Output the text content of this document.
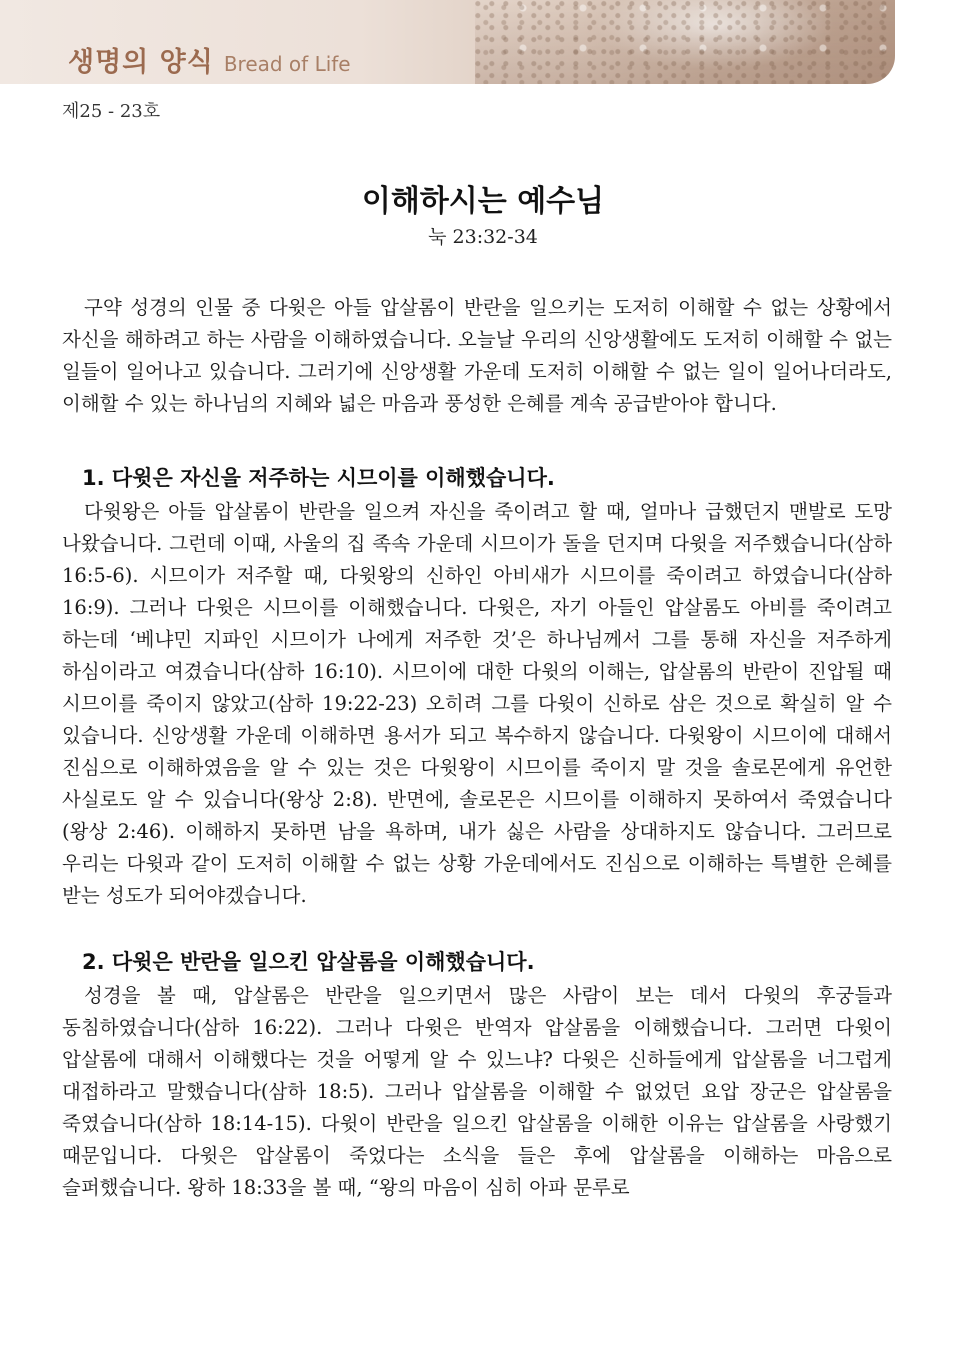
생명의 양식 Bread of Life
제25 - 23호
이해하시는 예수님
눅 23:32-34

구약 성경의 인물 중 다윗은 아들 압살롬이 반란을 일으키는 도저히 이해할 수 없는 상황에서 자신을 해하려고 하는 사람을 이해하였습니다. 오늘날 우리의 신앙생활에도 도저히 이해할 수 없는 일들이 일어나고 있습니다. 그러기에 신앙생활 가운데 도저히 이해할 수 없는 일이 일어나더라도, 이해할 수 있는 하나님의 지혜와 넓은 마음과 풍성한 은혜를 계속 공급받아야 합니다.

1. 다윗은 자신을 저주하는 시므이를 이해했습니다.

다윗왕은 아들 압살롬이 반란을 일으켜 자신을 죽이려고 할 때, 얼마나 급했던지 맨발로 도망 나왔습니다. 그런데 이때, 사울의 집 족속 가운데 시므이가 돌을 던지며 다윗을 저주했습니다(삼하 16:5-6). 시므이가 저주할 때, 다윗왕의 신하인 아비새가 시므이를 죽이려고 하였습니다(삼하 16:9). 그러나 다윗은 시므이를 이해했습니다. 다윗은, 자기 아들인 압살롬도 아비를 죽이려고 하는데 ‘베냐민 지파인 시므이가 나에게 저주한 것’은 하나님께서 그를 통해 자신을 저주하게 하심이라고 여겼습니다(삼하 16:10). 시므이에 대한 다윗의 이해는, 압살롬의 반란이 진압될 때 시므이를 죽이지 않았고(삼하 19:22-23) 오히려 그를 다윗이 신하로 삼은 것으로 확실히 알 수 있습니다. 신앙생활 가운데 이해하면 용서가 되고 복수하지 않습니다. 다윗왕이 시므이에 대해서 진심으로 이해하였음을 알 수 있는 것은 다윗왕이 시므이를 죽이지 말 것을 솔로몬에게 유언한 사실로도 알 수 있습니다(왕상 2:8). 반면에, 솔로몬은 시므이를 이해하지 못하여서 죽였습니다(왕상 2:46). 이해하지 못하면 남을 욕하며, 내가 싫은 사람을 상대하지도 않습니다. 그러므로 우리는 다윗과 같이 도저히 이해할 수 없는 상황 가운데에서도 진심으로 이해하는 특별한 은혜를 받는 성도가 되어야겠습니다.

2. 다윗은 반란을 일으킨 압살롬을 이해했습니다.

성경을 볼 때, 압살롬은 반란을 일으키면서 많은 사람이 보는 데서 다윗의 후궁들과 동침하였습니다(삼하 16:22). 그러나 다윗은 반역자 압살롬을 이해했습니다. 그러면 다윗이 압살롬에 대해서 이해했다는 것을 어떻게 알 수 있느냐? 다윗은 신하들에게 압살롬을 너그럽게 대접하라고 말했습니다(삼하 18:5). 그러나 압살롬을 이해할 수 없었던 요압 장군은 압살롬을 죽였습니다(삼하 18:14-15). 다윗이 반란을 일으킨 압살롬을 이해한 이유는 압살롬을 사랑했기 때문입니다. 다윗은 압살롬이 죽었다는 소식을 들은 후에 압살롬을 이해하는 마음으로 슬퍼했습니다. 왕하 18:33을 볼 때, “왕의 마음이 심히 아파 문루로
